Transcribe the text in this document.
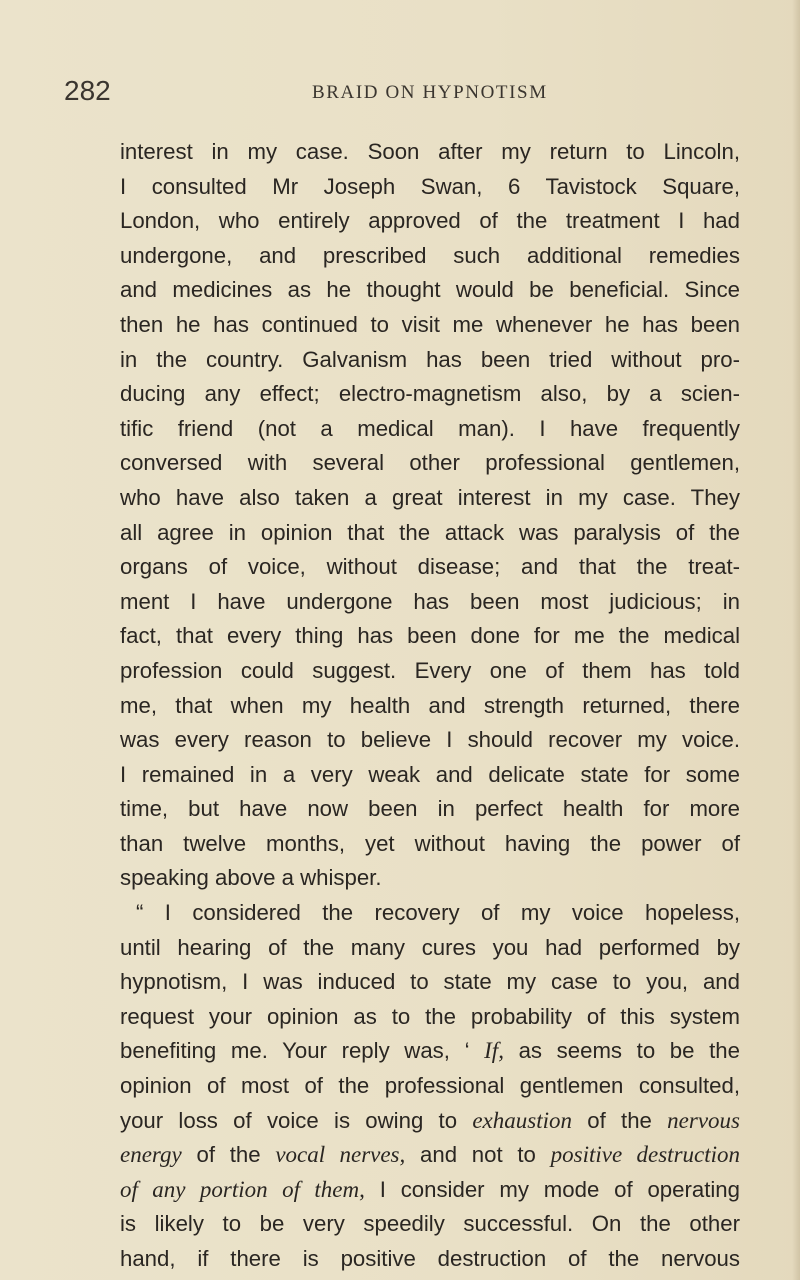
282	BRAID ON HYPNOTISM
interest in my case. Soon after my return to Lincoln,
I consulted Mr Joseph Swan, 6 Tavistock Square,
London, who entirely approved of the treatment I had
undergone, and prescribed such additional remedies
and medicines as he thought would be beneficial. Since
then he has continued to visit me whenever he has been
in the country. Galvanism has been tried without pro-
ducing any effect; electro-magnetism also, by a scien-
tific friend (not a medical man). I have frequently
conversed with several other professional gentlemen,
who have also taken a great interest in my case. They
all agree in opinion that the attack was paralysis of the
organs of voice, without disease; and that the treat-
ment I have undergone has been most judicious; in
fact, that every thing has been done for me the medical
profession could suggest. Every one of them has told
me, that when my health and strength returned, there
was every reason to believe I should recover my voice.
I remained in a very weak and delicate state for some
time, but have now been in perfect health for more
than twelve months, yet without having the power of
speaking above a whisper.
“ I considered the recovery of my voice hopeless,
until hearing of the many cures you had performed by
hypnotism, I was induced to state my case to you, and
request your opinion as to the probability of this system
benefiting me. Your reply was, ‘ If, as seems to be the
opinion of most of the professional gentlemen consulted,
your loss of voice is owing to exhaustion of the nervous
energy of the vocal nerves, and not to positive destruction
of any portion of them, I consider my mode of operating
is likely to be very speedily successful. On the other
hand, if there is positive destruction of the nervous
